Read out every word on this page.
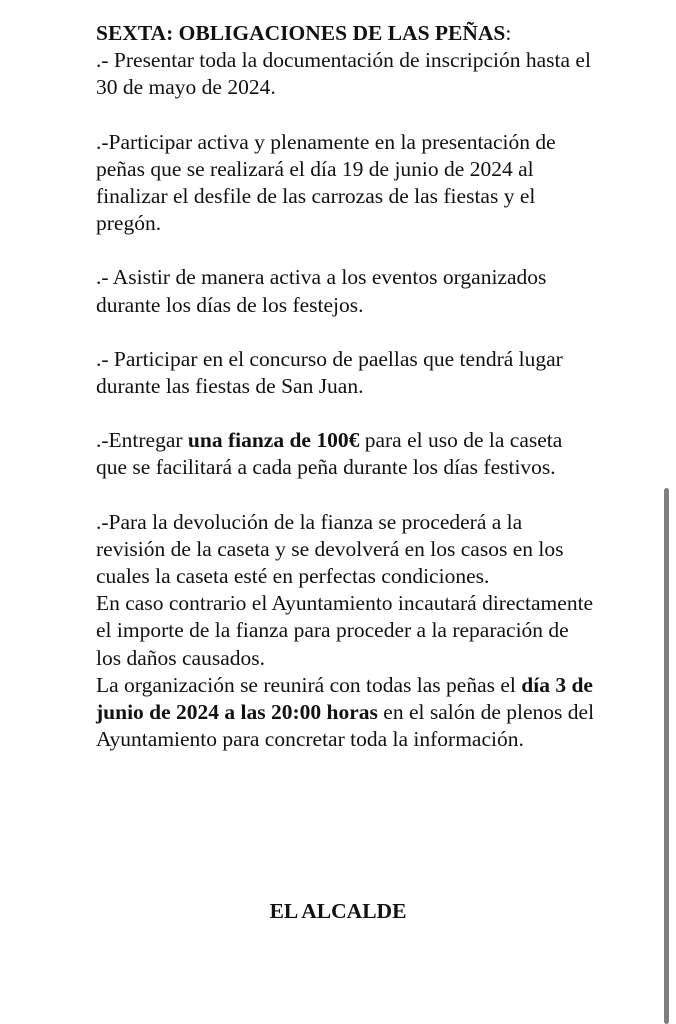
SEXTA: OBLIGACIONES DE LAS PEÑAS:

.- Presentar toda la documentación de inscripción hasta el 30 de mayo de 2024.

.-Participar activa y plenamente en la presentación de peñas que se realizará el día 19 de junio de 2024 al finalizar el desfile de las carrozas de las fiestas y el pregón.

.- Asistir de manera activa a los eventos organizados durante los días de los festejos.

.- Participar en el concurso de paellas que tendrá lugar durante las fiestas de San Juan.

.-Entregar una fianza de 100€ para el uso de la caseta que se facilitará a cada peña durante los días festivos.

.-Para la devolución de la fianza se procederá a la revisión de la caseta y se devolverá en los casos en los cuales la caseta esté en perfectas condiciones.

En caso contrario el Ayuntamiento incautará directamente el importe de la fianza para proceder a la reparación de los daños causados.

La organización se reunirá con todas las peñas el día 3 de junio de 2024 a las 20:00 horas en el salón de plenos del Ayuntamiento para concretar toda la información.

EL ALCALDE
